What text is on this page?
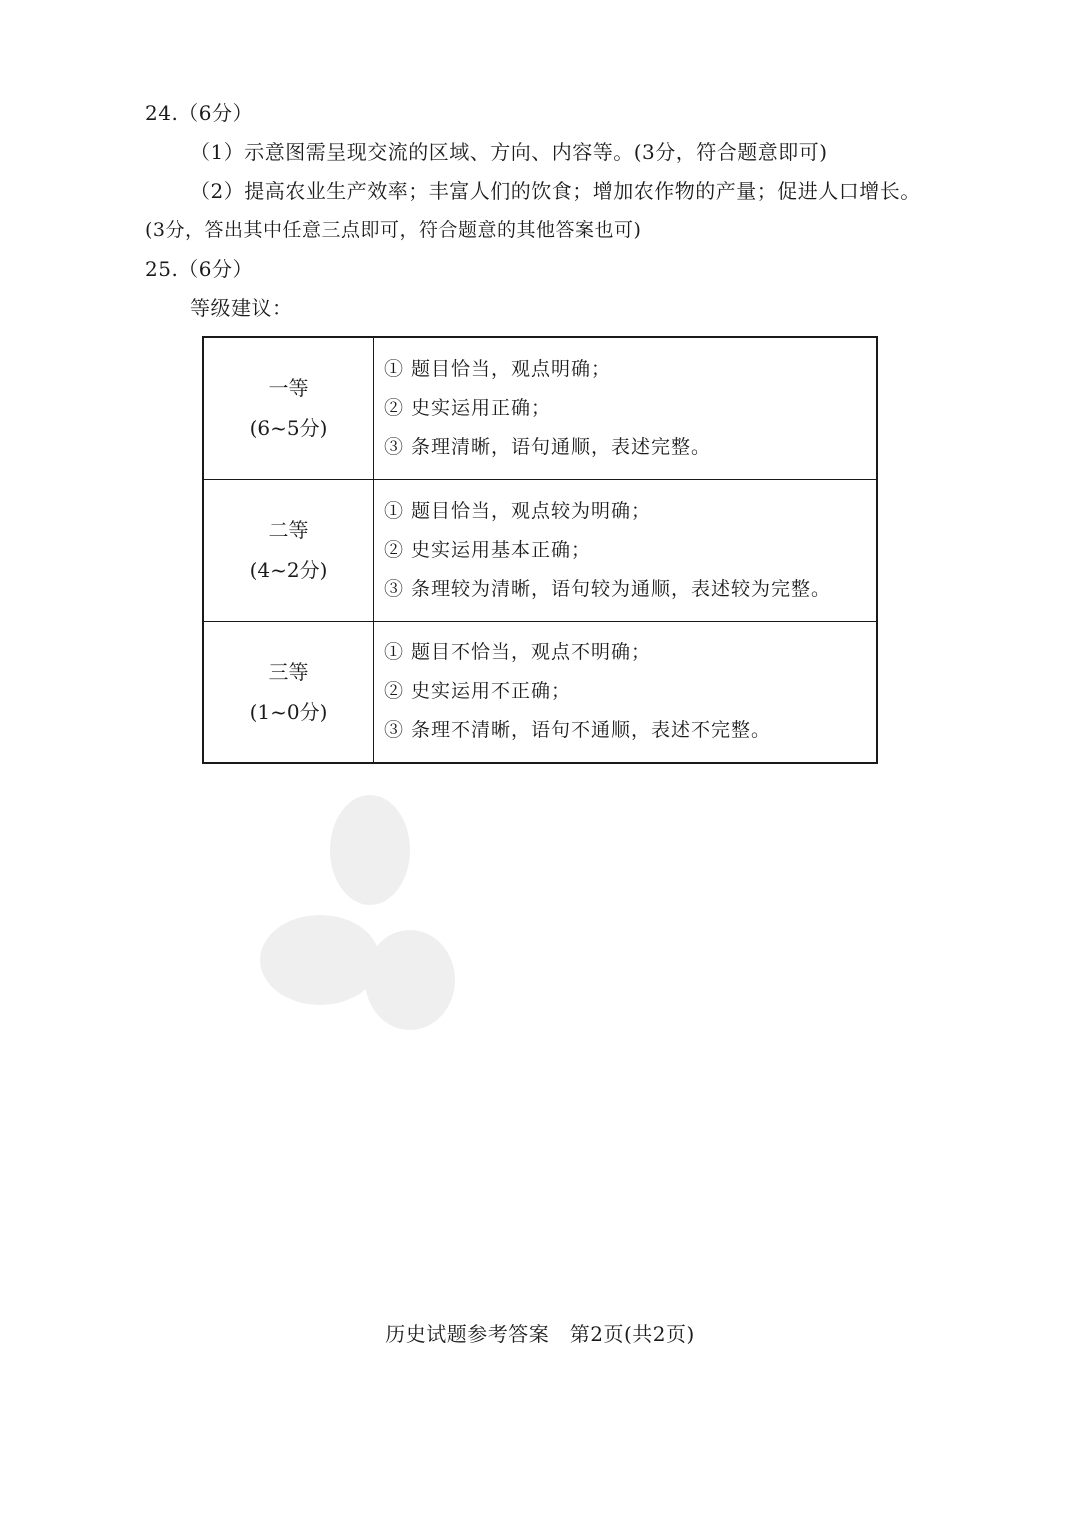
24.（6分）
（1）示意图需呈现交流的区域、方向、内容等。(3分，符合题意即可)
（2）提高农业生产效率；丰富人们的饮食；增加农作物的产量；促进人口增长。
(3分，答出其中任意三点即可，符合题意的其他答案也可)
25.（6分）
等级建议：
一等
(6~5分)	① 题目恰当，观点明确；
② 史实运用正确；
③ 条理清晰，语句通顺，表述完整。

二等
(4~2分)	① 题目恰当，观点较为明确；
② 史实运用基本正确；
③ 条理较为清晰，语句较为通顺，表述较为完整。

三等
(1~0分)	① 题目不恰当，观点不明确；
② 史实运用不正确；
③ 条理不清晰，语句不通顺，表述不完整。
历史试题参考答案　第2页(共2页)
